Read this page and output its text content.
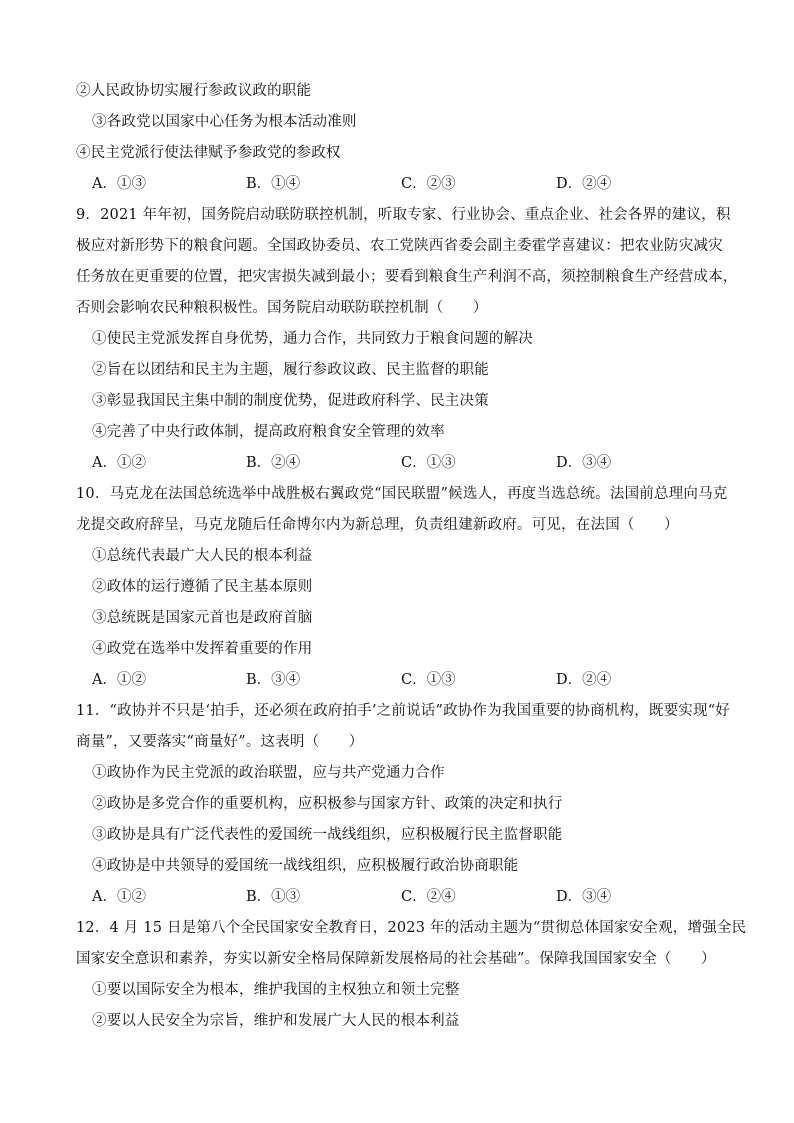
②人民政协切实履行参政议政的职能
③各政党以国家中心任务为根本活动准则
④民主党派行使法律赋予参政党的参政权
A．①③	B．①④	C．②③	D．②④
9．2021 年年初，国务院启动联防联控机制，听取专家、行业协会、重点企业、社会各界的建议，积
极应对新形势下的粮食问题。全国政协委员、农工党陕西省委会副主委霍学喜建议：把农业防灾减灾
任务放在更重要的位置，把灾害损失减到最小；要看到粮食生产利润不高，须控制粮食生产经营成本，
否则会影响农民种粮积极性。国务院启动联防联控机制（　　）
①使民主党派发挥自身优势，通力合作，共同致力于粮食问题的解决
②旨在以团结和民主为主题，履行参政议政、民主监督的职能
③彰显我国民主集中制的制度优势，促进政府科学、民主决策
④完善了中央行政体制，提高政府粮食安全管理的效率
A．①②	B．②④	C．①③	D．③④
10．马克龙在法国总统选举中战胜极右翼政党“国民联盟”候选人，再度当选总统。法国前总理向马克
龙提交政府辞呈，马克龙随后任命博尔内为新总理，负责组建新政府。可见，在法国（　　）
①总统代表最广大人民的根本利益
②政体的运行遵循了民主基本原则
③总统既是国家元首也是政府首脑
④政党在选举中发挥着重要的作用
A．①②	B．③④	C．①③	D．②④
11．“政协并不只是‘拍手，还必须在政府拍手’之前说话”政协作为我国重要的协商机构，既要实现“好
商量”，又要落实“商量好”。这表明（　　）
①政协作为民主党派的政治联盟，应与共产党通力合作
②政协是多党合作的重要机构，应积极参与国家方针、政策的决定和执行
③政协是具有广泛代表性的爱国统一战线组织，应积极履行民主监督职能
④政协是中共领导的爱国统一战线组织，应积极履行政治协商职能
A．①②	B．①③	C．②④	D．③④
12．4 月 15 日是第八个全民国家安全教育日，2023 年的活动主题为“贯彻总体国家安全观，增强全民
国家安全意识和素养，夯实以新安全格局保障新发展格局的社会基础”。保障我国国家安全（　　）
①要以国际安全为根本，维护我国的主权独立和领土完整
②要以人民安全为宗旨，维护和发展广大人民的根本利益
